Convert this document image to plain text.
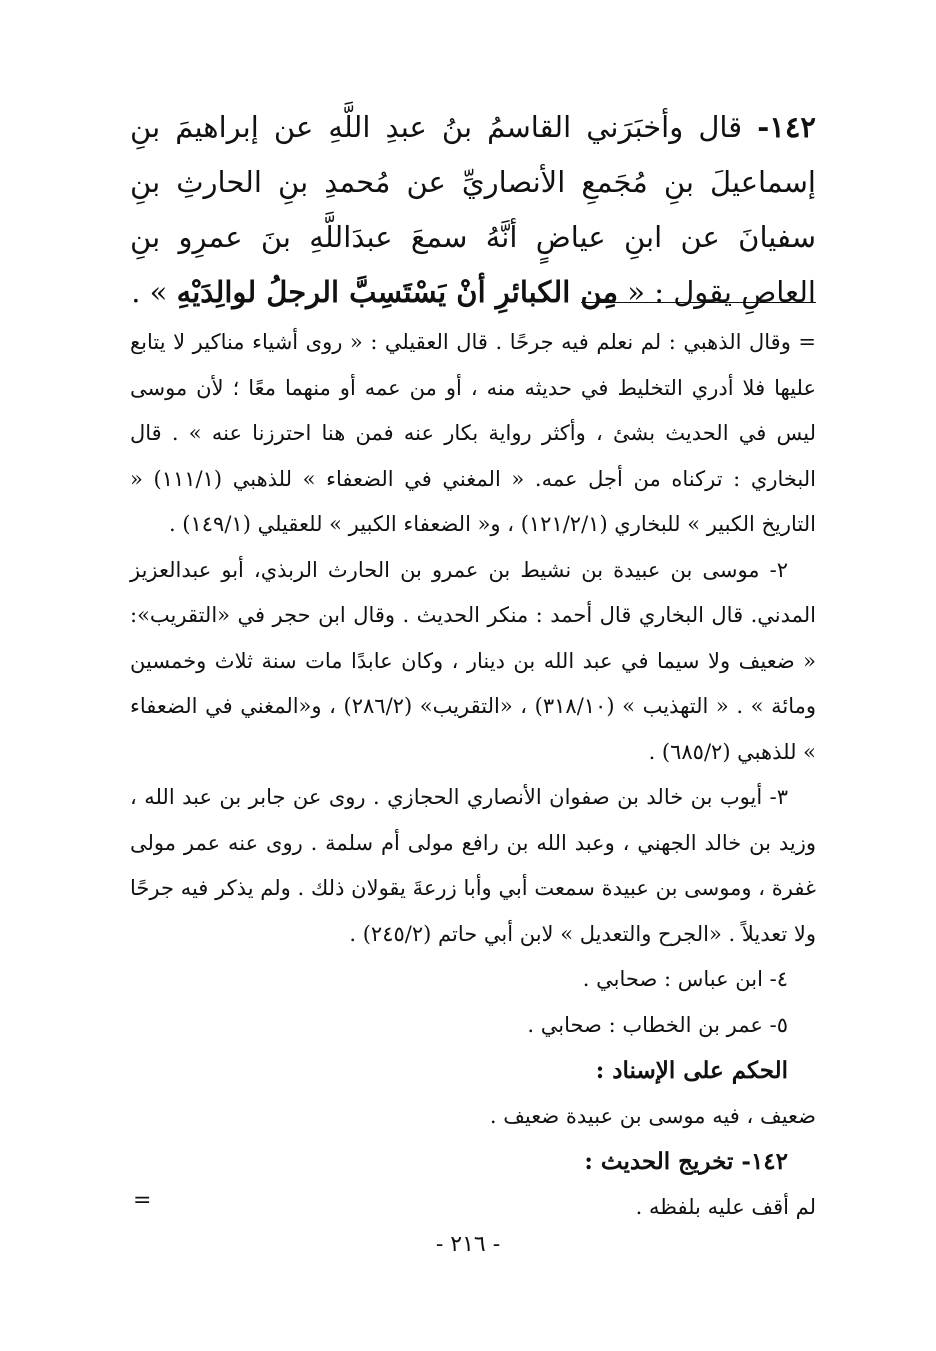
١٤٢- قال وأخبَرَني القاسمُ بنُ عبدِ اللَّهِ عن إبراهيمَ بنِ إسماعيلَ بنِ مُجَمعِ الأنصاريِّ عن مُحمدِ بنِ الحارثِ بنِ سفيانَ عن ابنِ عياضٍ أنَّهُ سمعَ عبدَاللَّهِ بنَ عمرِو بنِ العاصِ يقول : « مِن الكبائرِ أنْ يَسْتَسِبَّ الرجلُ لوالِدَيْهِ » .

= وقال الذهبي : لم نعلم فيه جرحًا . قال العقيلي : « روى أشياء مناكير لا يتابع عليها فلا أدري التخليط في حديثه منه ، أو من عمه أو منهما معًا ؛ لأن موسى ليس في الحديث بشئ ، وأكثر رواية بكار عنه فمن هنا احترزنا عنه » . قال البخاري : تركناه من أجل عمه. « المغني في الضعفاء » للذهبي (١١١/١) « التاريخ الكبير » للبخاري (١٢١/٢/١) ، و« الضعفاء الكبير » للعقيلي (١٤٩/١) .

٢- موسى بن عبيدة بن نشيط بن عمرو بن الحارث الربذي، أبو عبدالعزيز المدني. قال البخاري قال أحمد : منكر الحديث . وقال ابن حجر في «التقريب»: « ضعيف ولا سيما في عبد الله بن دينار ، وكان عابدًا مات سنة ثلاث وخمسين ومائة » . « التهذيب » (٣١٨/١٠) ، «التقريب» (٢٨٦/٢) ، و«المغني في الضعفاء » للذهبي (٦٨٥/٢) .

٣- أيوب بن خالد بن صفوان الأنصاري الحجازي . روى عن جابر بن عبد الله ، وزيد بن خالد الجهني ، وعبد الله بن رافع مولى أم سلمة . روى عنه عمر مولى غفرة ، وموسى بن عبيدة سمعت أبي وأبا زرعةَ يقولان ذلك . ولم يذكر فيه جرحًا ولا تعديلاً . «الجرح والتعديل » لابن أبي حاتم (٢٤٥/٢) .

٤- ابن عباس : صحابي .

٥- عمر بن الخطاب : صحابي .

الحكم على الإسناد :

ضعيف ، فيه موسى بن عبيدة ضعيف .

١٤٢- تخريج الحديث :

لم أقف عليه بلفظه .

=
- ٢١٦ -
